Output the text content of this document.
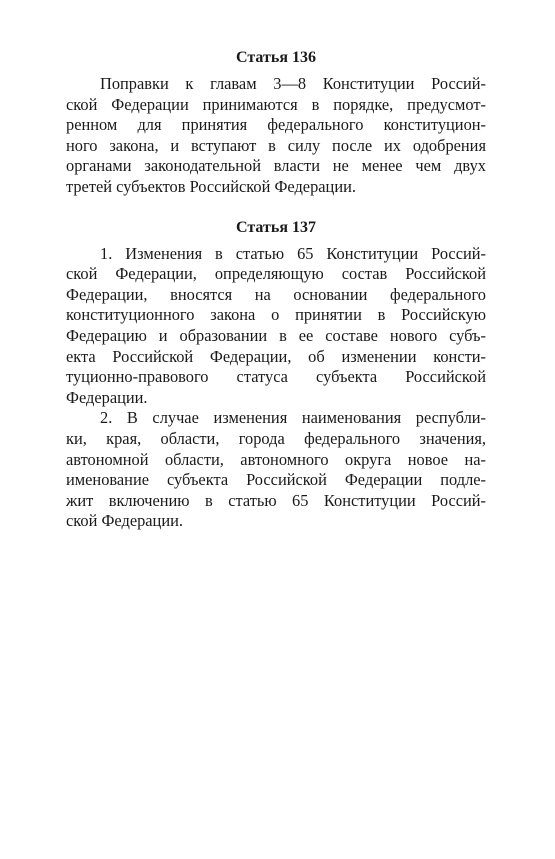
Статья 136
Поправки к главам 3—8 Конституции Россий-
ской Федерации принимаются в порядке, предусмот-
ренном для принятия федерального конституцион-
ного закона, и вступают в силу после их одобрения
органами законодательной власти не менее чем двух
третей субъектов Российской Федерации.
Статья 137
1. Изменения в статью 65 Конституции Россий-
ской Федерации, определяющую состав Российской
Федерации, вносятся на основании федерального
конституционного закона о принятии в Российскую
Федерацию и образовании в ее составе нового субъ-
екта Российской Федерации, об изменении консти-
туционно-правового статуса субъекта Российской
Федерации.
2. В случае изменения наименования республи-
ки, края, области, города федерального значения,
автономной области, автономного округа новое на-
именование субъекта Российской Федерации подле-
жит включению в статью 65 Конституции Россий-
ской Федерации.
